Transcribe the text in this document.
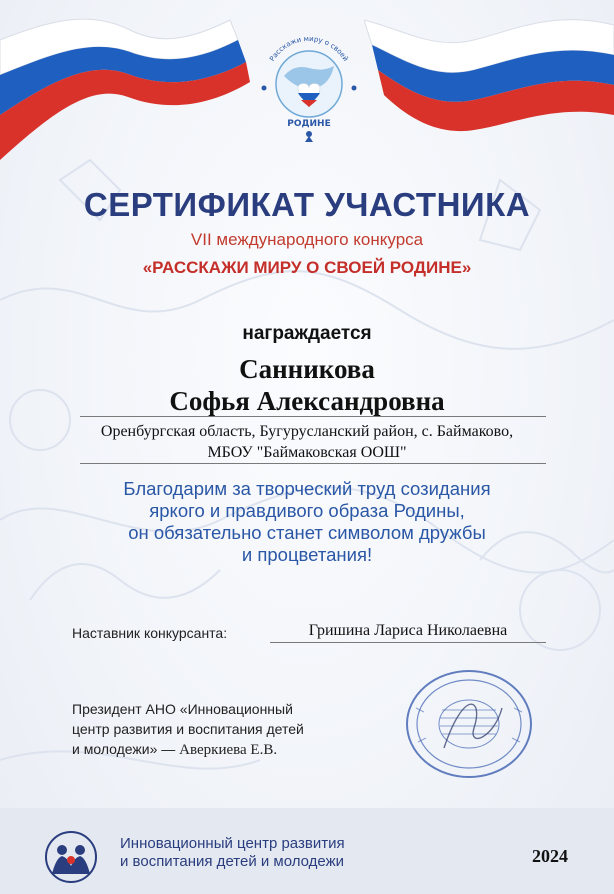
Расскажи миру о своей
РОДИНЕ
СЕРТИФИКАТ УЧАСТНИКА
VII международного конкурса
«РАССКАЖИ МИРУ О СВОЕЙ РОДИНЕ»
награждается
Санникова
Софья Александровна
Оренбургская область, Бугурусланский район, с. Баймаково,
МБОУ "Баймаковская ООШ"
Благодарим за творческий труд созидания
яркого и правдивого образа Родины,
он обязательно станет символом дружбы
и процветания!
Наставник конкурсанта:	Гришина Лариса Николаевна
Президент АНО «Инновационный
центр развития и воспитания детей
и молодежи» — Аверкиева Е.В.
Инновационный центр развития
и воспитания детей и молодежи	2024
